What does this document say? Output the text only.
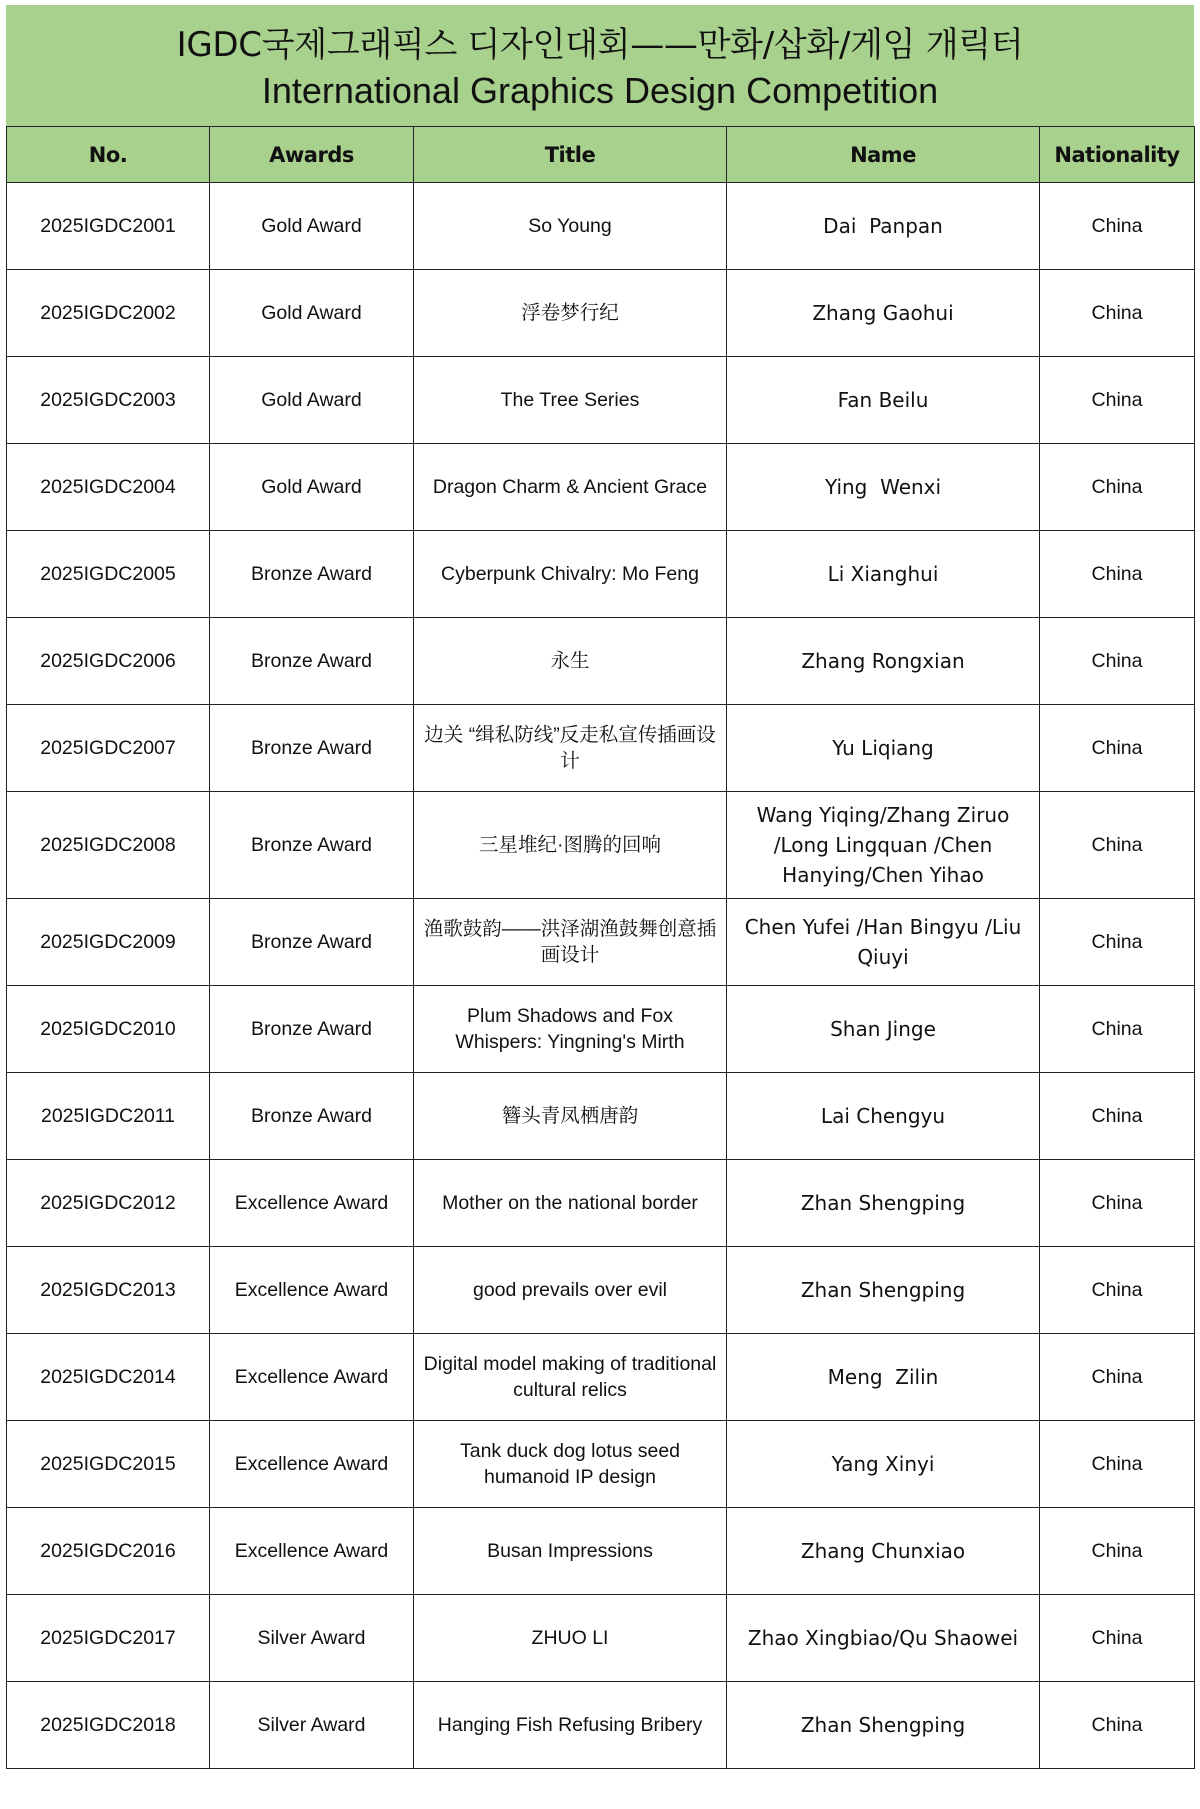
IGDC국제그래픽스 디자인대회——만화/삽화/게임 개릭터
International Graphics Design Competition
No.	Awards	Title	Name	Nationality
2025IGDC2001	Gold Award	So Young	Dai  Panpan	China
2025IGDC2002	Gold Award	浮卷梦行纪	Zhang Gaohui	China
2025IGDC2003	Gold Award	The Tree Series	Fan Beilu	China
2025IGDC2004	Gold Award	Dragon Charm & Ancient Grace	Ying  Wenxi	China
2025IGDC2005	Bronze Award	Cyberpunk Chivalry: Mo Feng	Li Xianghui	China
2025IGDC2006	Bronze Award	永生	Zhang Rongxian	China
2025IGDC2007	Bronze Award	边关 “缉私防线”反走私宣传插画设计	Yu Liqiang	China
2025IGDC2008	Bronze Award	三星堆纪·图腾的回响	Wang Yiqing/Zhang Ziruo /Long Lingquan /Chen Hanying/Chen Yihao	China
2025IGDC2009	Bronze Award	渔歌鼓韵——洪泽湖渔鼓舞创意插画设计	Chen Yufei /Han Bingyu /Liu Qiuyi	China
2025IGDC2010	Bronze Award	Plum Shadows and Fox Whispers: Yingning's Mirth	Shan Jinge	China
2025IGDC2011	Bronze Award	簪头青凤栖唐韵	Lai Chengyu	China
2025IGDC2012	Excellence Award	Mother on the national border	Zhan Shengping	China
2025IGDC2013	Excellence Award	good prevails over evil	Zhan Shengping	China
2025IGDC2014	Excellence Award	Digital model making of traditional cultural relics	Meng  Zilin	China
2025IGDC2015	Excellence Award	Tank duck dog lotus seed humanoid IP design	Yang Xinyi	China
2025IGDC2016	Excellence Award	Busan Impressions	Zhang Chunxiao	China
2025IGDC2017	Silver Award	ZHUO LI	Zhao Xingbiao/Qu Shaowei	China
2025IGDC2018	Silver Award	Hanging Fish Refusing Bribery	Zhan Shengping	China
